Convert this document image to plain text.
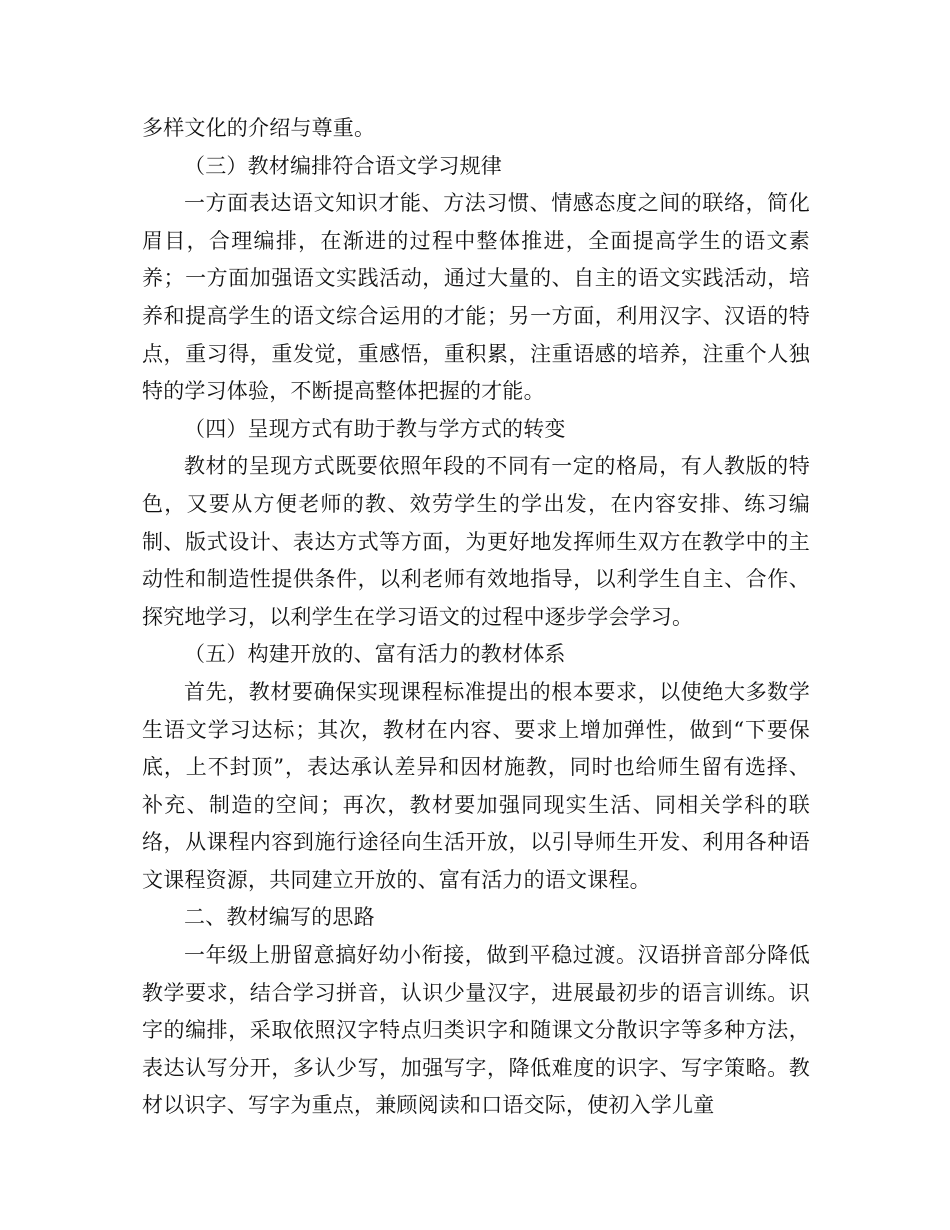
多样文化的介绍与尊重。

（三）教材编排符合语文学习规律

一方面表达语文知识才能、方法习惯、情感态度之间的联络，简化眉目，合理编排，在渐进的过程中整体推进，全面提高学生的语文素养；一方面加强语文实践活动，通过大量的、自主的语文实践活动，培养和提高学生的语文综合运用的才能；另一方面，利用汉字、汉语的特点，重习得，重发觉，重感悟，重积累，注重语感的培养，注重个人独特的学习体验，不断提高整体把握的才能。

（四）呈现方式有助于教与学方式的转变

教材的呈现方式既要依照年段的不同有一定的格局，有人教版的特色，又要从方便老师的教、效劳学生的学出发，在内容安排、练习编制、版式设计、表达方式等方面，为更好地发挥师生双方在教学中的主动性和制造性提供条件，以利老师有效地指导，以利学生自主、合作、探究地学习，以利学生在学习语文的过程中逐步学会学习。

（五）构建开放的、富有活力的教材体系

首先，教材要确保实现课程标准提出的根本要求，以使绝大多数学生语文学习达标；其次，教材在内容、要求上增加弹性，做到“下要保底，上不封顶”，表达承认差异和因材施教，同时也给师生留有选择、补充、制造的空间；再次，教材要加强同现实生活、同相关学科的联络，从课程内容到施行途径向生活开放，以引导师生开发、利用各种语文课程资源，共同建立开放的、富有活力的语文课程。

二、教材编写的思路

一年级上册留意搞好幼小衔接，做到平稳过渡。汉语拼音部分降低教学要求，结合学习拼音，认识少量汉字，进展最初步的语言训练。识字的编排，采取依照汉字特点归类识字和随课文分散识字等多种方法，表达认写分开，多认少写，加强写字，降低难度的识字、写字策略。教材以识字、写字为重点，兼顾阅读和口语交际，使初入学儿童
